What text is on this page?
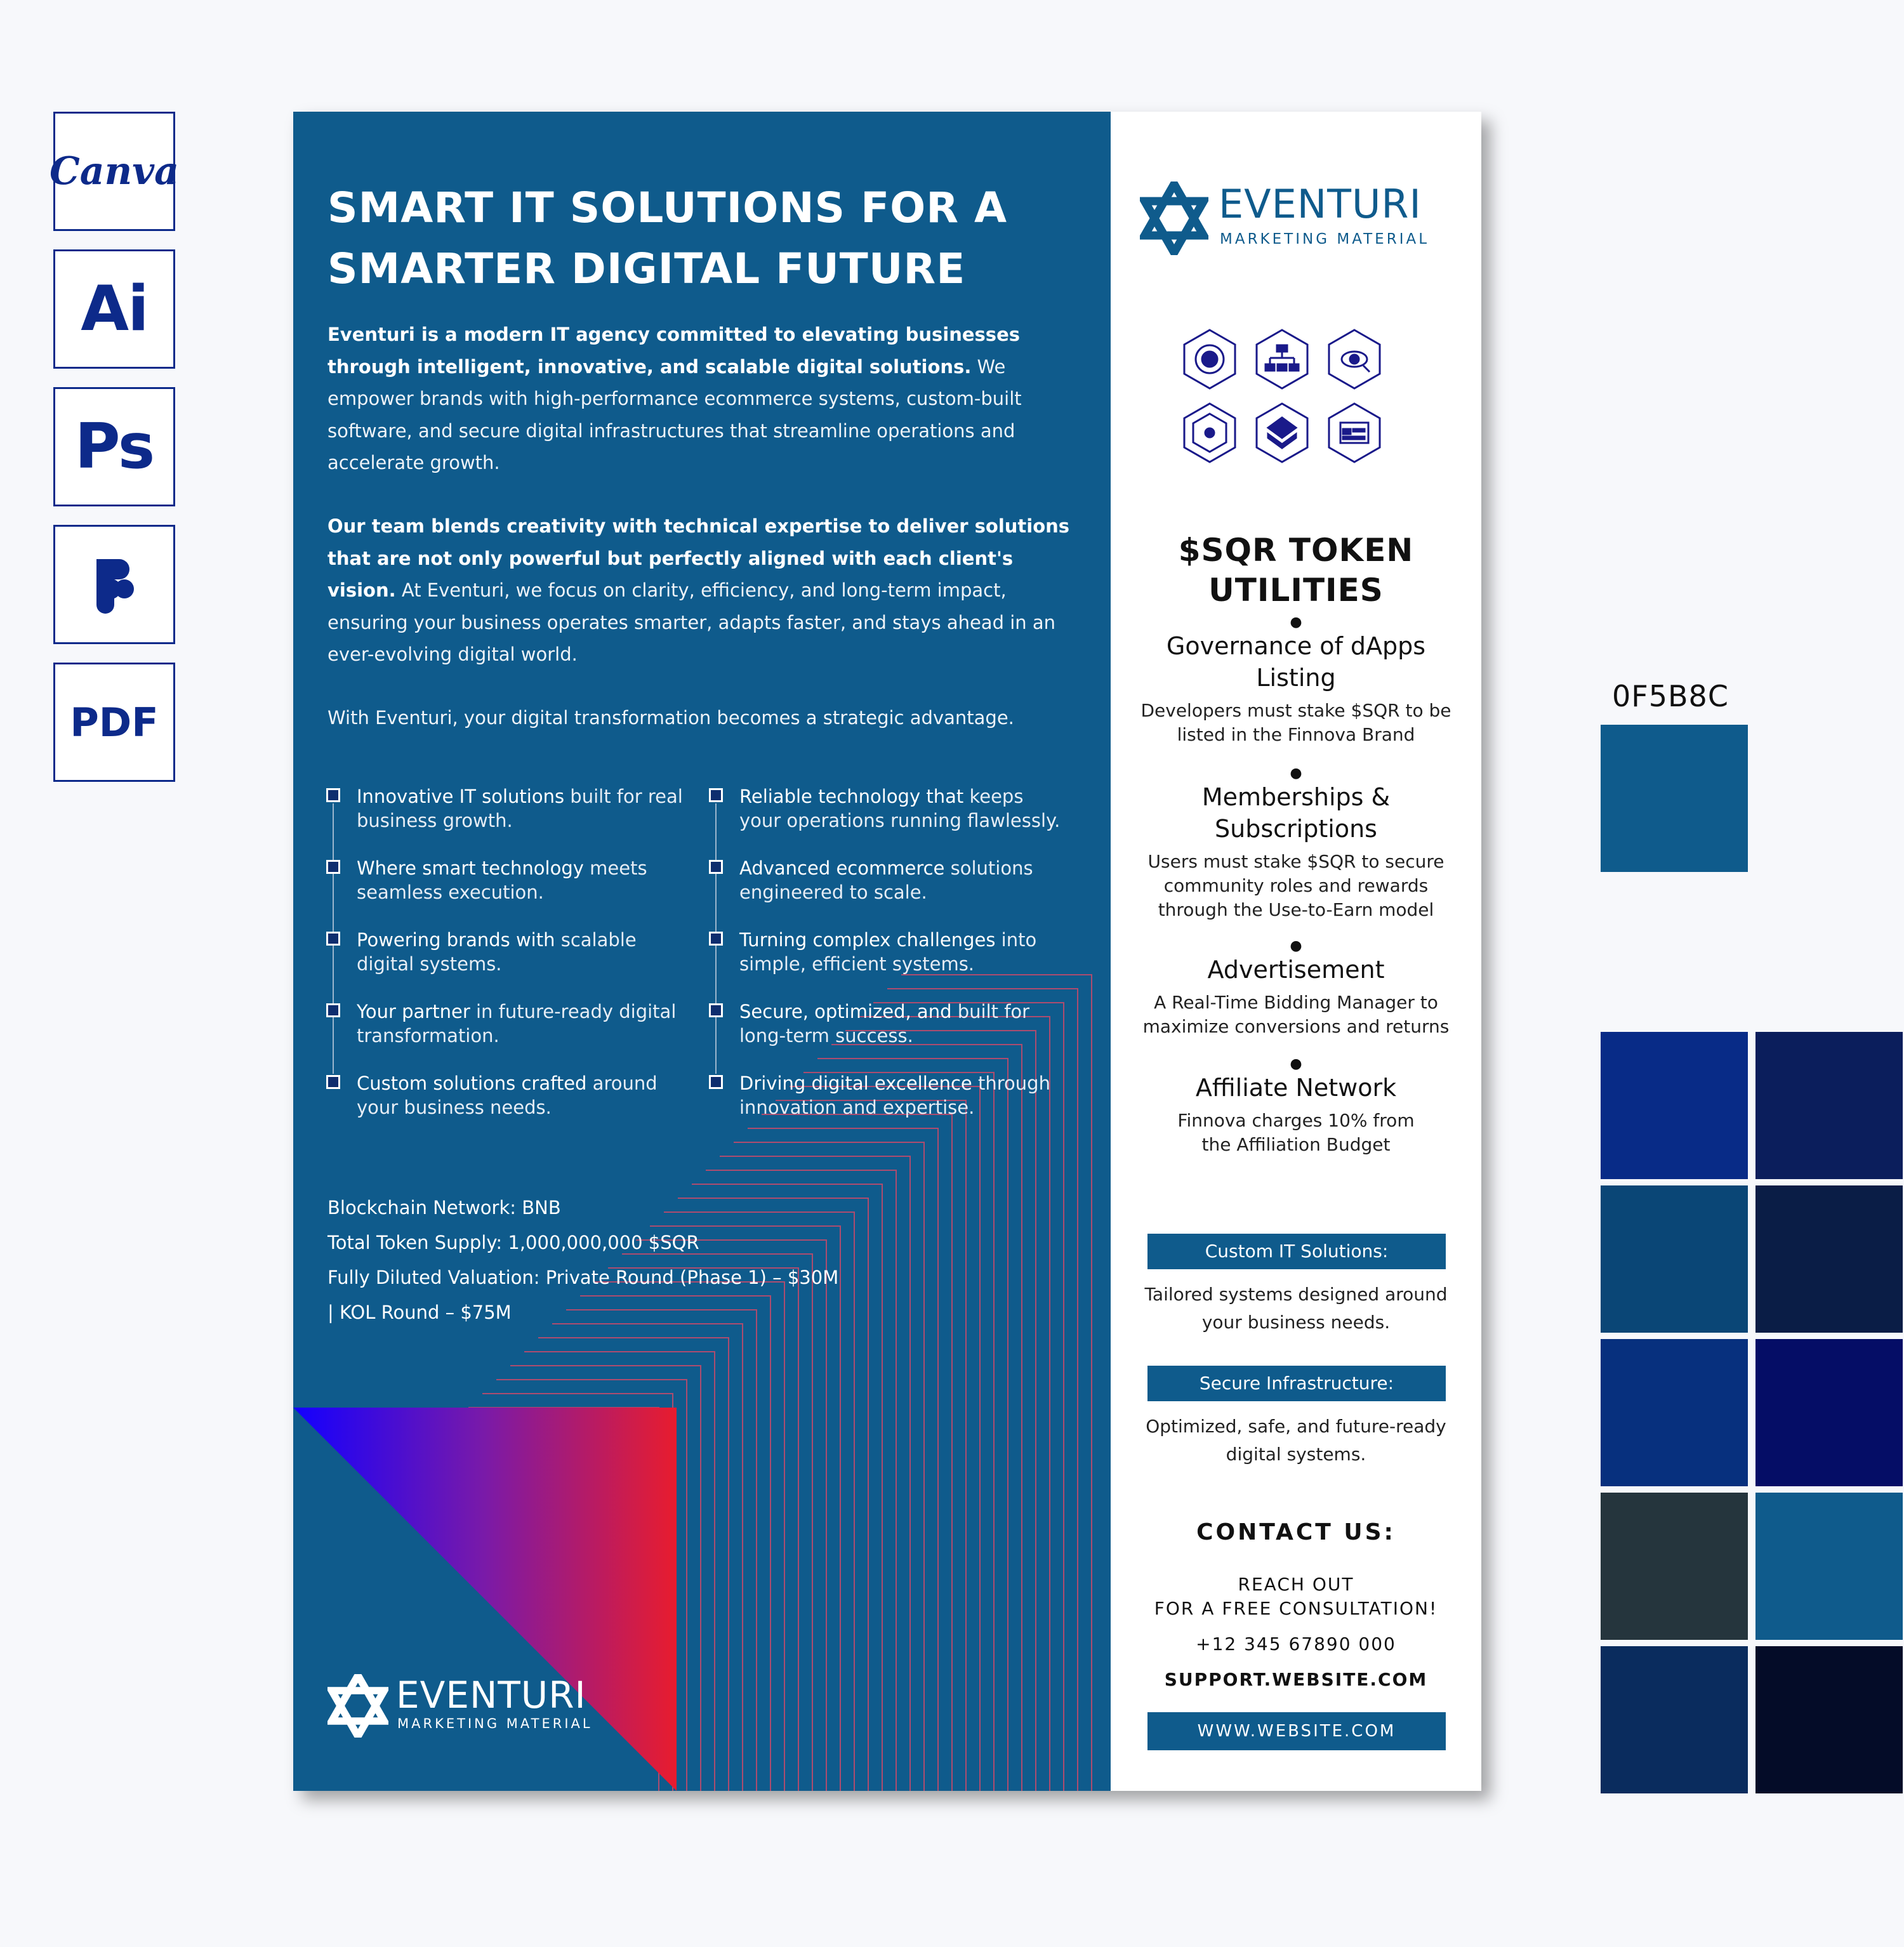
Canva
Ai
Ps
PDF
SMART IT SOLUTIONS FOR A
SMARTER DIGITAL FUTURE

Eventuri is a modern IT agency committed to elevating businesses through intelligent, innovative, and scalable digital solutions. We empower brands with high-performance ecommerce systems, custom-built software, and secure digital infrastructures that streamline operations and accelerate growth.

Our team blends creativity with technical expertise to deliver solutions that are not only powerful but perfectly aligned with each client's vision. At Eventuri, we focus on clarity, efficiency, and long-term impact, ensuring your business operates smarter, adapts faster, and stays ahead in an ever-evolving digital world.

With Eventuri, your digital transformation becomes a strategic advantage.

Innovative IT solutions built for real business growth.
Where smart technology meets seamless execution.
Powering brands with scalable digital systems.
Your partner in future-ready digital transformation.
Custom solutions crafted around your business needs.
Reliable technology that keeps your operations running flawlessly.
Advanced ecommerce solutions engineered to scale.
Turning complex challenges into simple, efficient systems.
Secure, optimized, and built for long-term success.
Driving digital excellence through innovation and expertise.
Blockchain Network: BNB
Total Token Supply: 1,000,000,000 $SQR
Fully Diluted Valuation: Private Round (Phase 1) – $30M
| KOL Round – $75M
EVENTURI
MARKETING MATERIAL
EVENTURI
MARKETING MATERIAL
$SQR TOKEN
UTILITIES
●
Governance of dApps Listing
Developers must stake $SQR to be listed in the Finnova Brand
●
Memberships & Subscriptions
Users must stake $SQR to secure community roles and rewards through the Use-to-Earn model
●
Advertisement
A Real-Time Bidding Manager to maximize conversions and returns
●
Affiliate Network
Finnova charges 10% from the Affiliation Budget
Custom IT Solutions:
Tailored systems designed around your business needs.
Secure Infrastructure:
Optimized, safe, and future-ready digital systems.
CONTACT US:
REACH OUT
FOR A FREE CONSULTATION!
+12 345 67890 000
SUPPORT.WEBSITE.COM
WWW.WEBSITE.COM
0F5B8C
